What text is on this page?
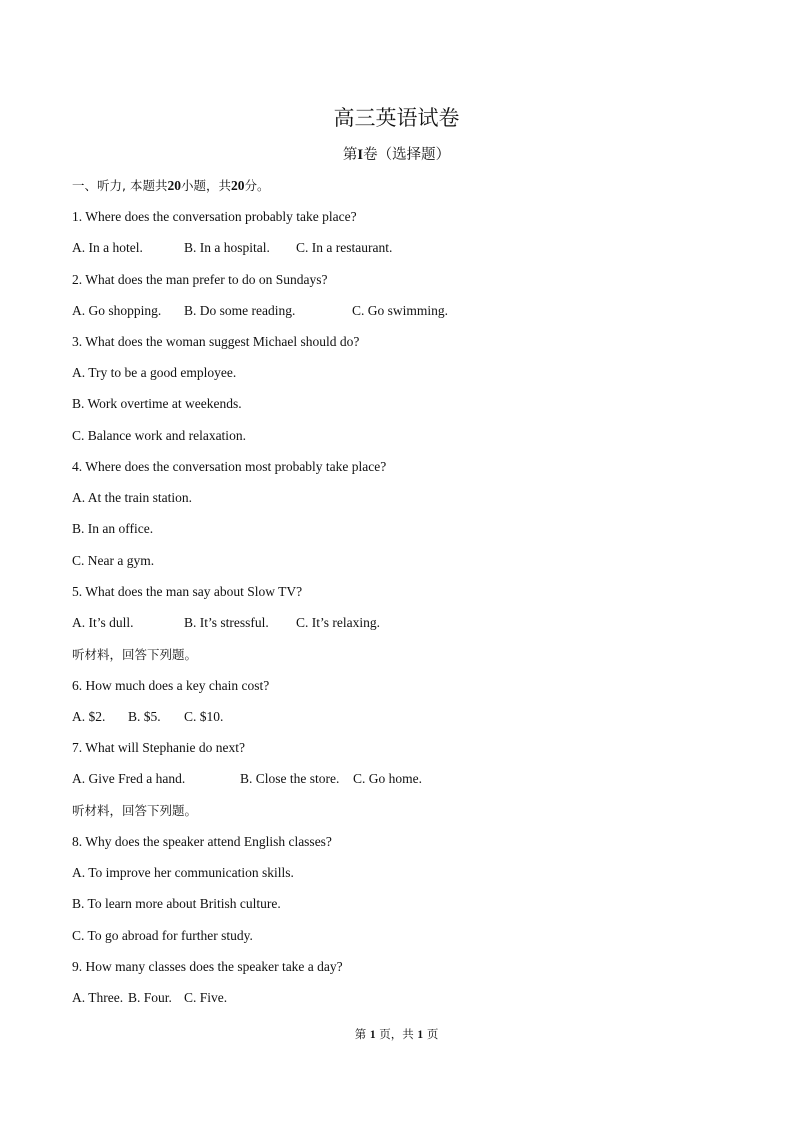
高三英语试卷
第I卷（选择题）
一、听力, 本题共20小题，共20分。
1. Where does the conversation probably take place?
A. In a hotel.	B. In a hospital. C. In a restaurant.
2. What does the man prefer to do on Sundays?
A. Go shopping. B. Do some reading.	C. Go swimming.
3. What does the woman suggest Michael should do?
A. Try to be a good employee.
B. Work overtime at weekends.
C. Balance work and relaxation.
4. Where does the conversation most probably take place?
A. At the train station.
B. In an office.
C. Near a gym.
5. What does the man say about Slow TV?
A. It’s dull.	B. It’s stressful. C. It’s relaxing.
听材料，回答下列题。
6. How much does a key chain cost?
A. $2. B. $5. C. $10.
7. What will Stephanie do next?
A. Give Fred a hand.	B. Close the store. C. Go home.
听材料，回答下列题。
8. Why does the speaker attend English classes?
A. To improve her communication skills.
B. To learn more about British culture.
C. To go abroad for further study.
9. How many classes does the speaker take a day?
A. Three. B. Four. C. Five.
第 1 页，共 1 页
